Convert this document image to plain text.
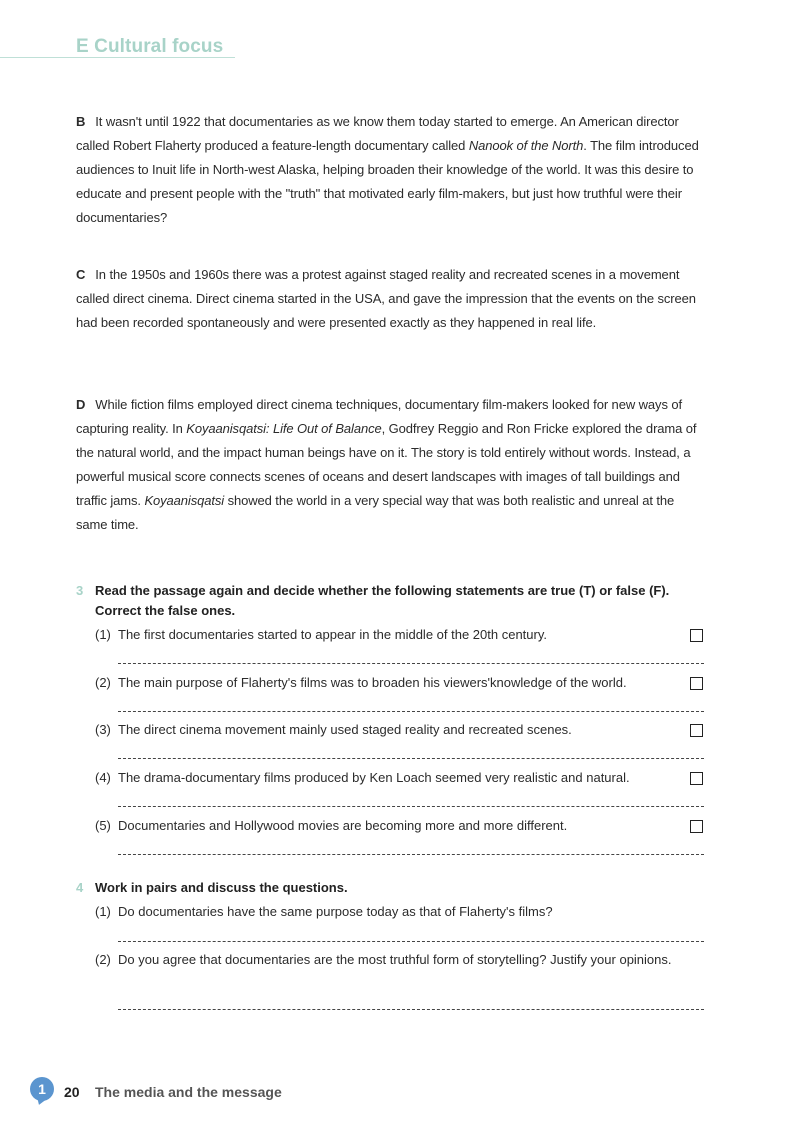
E Cultural focus
B It wasn't until 1922 that documentaries as we know them today started to emerge. An American director called Robert Flaherty produced a feature-length documentary called Nanook of the North. The film introduced audiences to Inuit life in North-west Alaska, helping broaden their knowledge of the world. It was this desire to educate and present people with the "truth" that motivated early film-makers, but just how truthful were their documentaries?
C In the 1950s and 1960s there was a protest against staged reality and recreated scenes in a movement called direct cinema. Direct cinema started in the USA, and gave the impression that the events on the screen had been recorded spontaneously and were presented exactly as they happened in real life.
D While fiction films employed direct cinema techniques, documentary film-makers looked for new ways of capturing reality. In Koyaanisqatsi: Life Out of Balance, Godfrey Reggio and Ron Fricke explored the drama of the natural world, and the impact human beings have on it. The story is told entirely without words. Instead, a powerful musical score connects scenes of oceans and desert landscapes with images of tall buildings and traffic jams. Koyaanisqatsi showed the world in a very special way that was both realistic and unreal at the same time.
3 Read the passage again and decide whether the following statements are true (T) or false (F). Correct the false ones.
(1) The first documentaries started to appear in the middle of the 20th century.
(2) The main purpose of Flaherty's films was to broaden his viewers'knowledge of the world.
(3) The direct cinema movement mainly used staged reality and recreated scenes.
(4) The drama-documentary films produced by Ken Loach seemed very realistic and natural.
(5) Documentaries and Hollywood movies are becoming more and more different.
4 Work in pairs and discuss the questions.
(1) Do documentaries have the same purpose today as that of Flaherty's films?
(2) Do you agree that documentaries are the most truthful form of storytelling? Justify your opinions.
1	20 The media and the message
